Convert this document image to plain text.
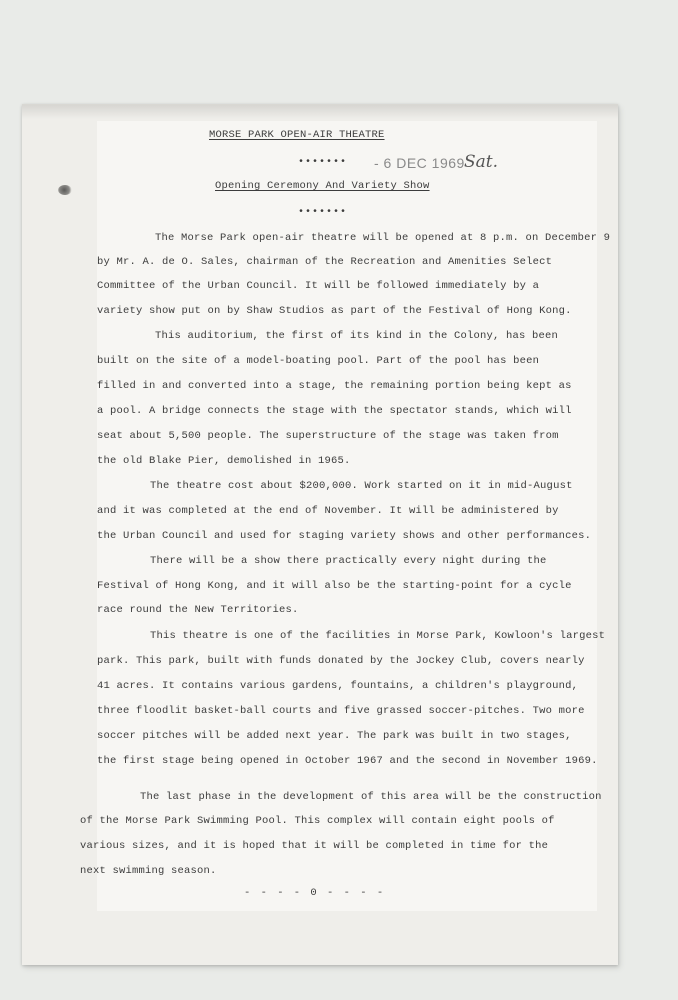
MORSE PARK OPEN-AIR THEATRE
••••••• - 6 DEC 1969 Sat.
Opening Ceremony And Variety Show
•••••••
The Morse Park open-air theatre will be opened at 8 p.m. on December 9
by Mr. A. de O. Sales, chairman of the Recreation and Amenities Select
Committee of the Urban Council. It will be followed immediately by a
variety show put on by Shaw Studios as part of the Festival of Hong Kong.
This auditorium, the first of its kind in the Colony, has been
built on the site of a model-boating pool. Part of the pool has been
filled in and converted into a stage, the remaining portion being kept as
a pool. A bridge connects the stage with the spectator stands, which will
seat about 5,500 people. The superstructure of the stage was taken from
the old Blake Pier, demolished in 1965.
The theatre cost about $200,000. Work started on it in mid-August
and it was completed at the end of November. It will be administered by
the Urban Council and used for staging variety shows and other performances.
There will be a show there practically every night during the
Festival of Hong Kong, and it will also be the starting-point for a cycle
race round the New Territories.
This theatre is one of the facilities in Morse Park, Kowloon's largest
park. This park, built with funds donated by the Jockey Club, covers nearly
41 acres. It contains various gardens, fountains, a children's playground,
three floodlit basket-ball courts and five grassed soccer-pitches. Two more
soccer pitches will be added next year. The park was built in two stages,
the first stage being opened in October 1967 and the second in November 1969.
The last phase in the development of this area will be the construction
of the Morse Park Swimming Pool. This complex will contain eight pools of
various sizes, and it is hoped that it will be completed in time for the
next swimming season.
- - - - 0 - - - -
